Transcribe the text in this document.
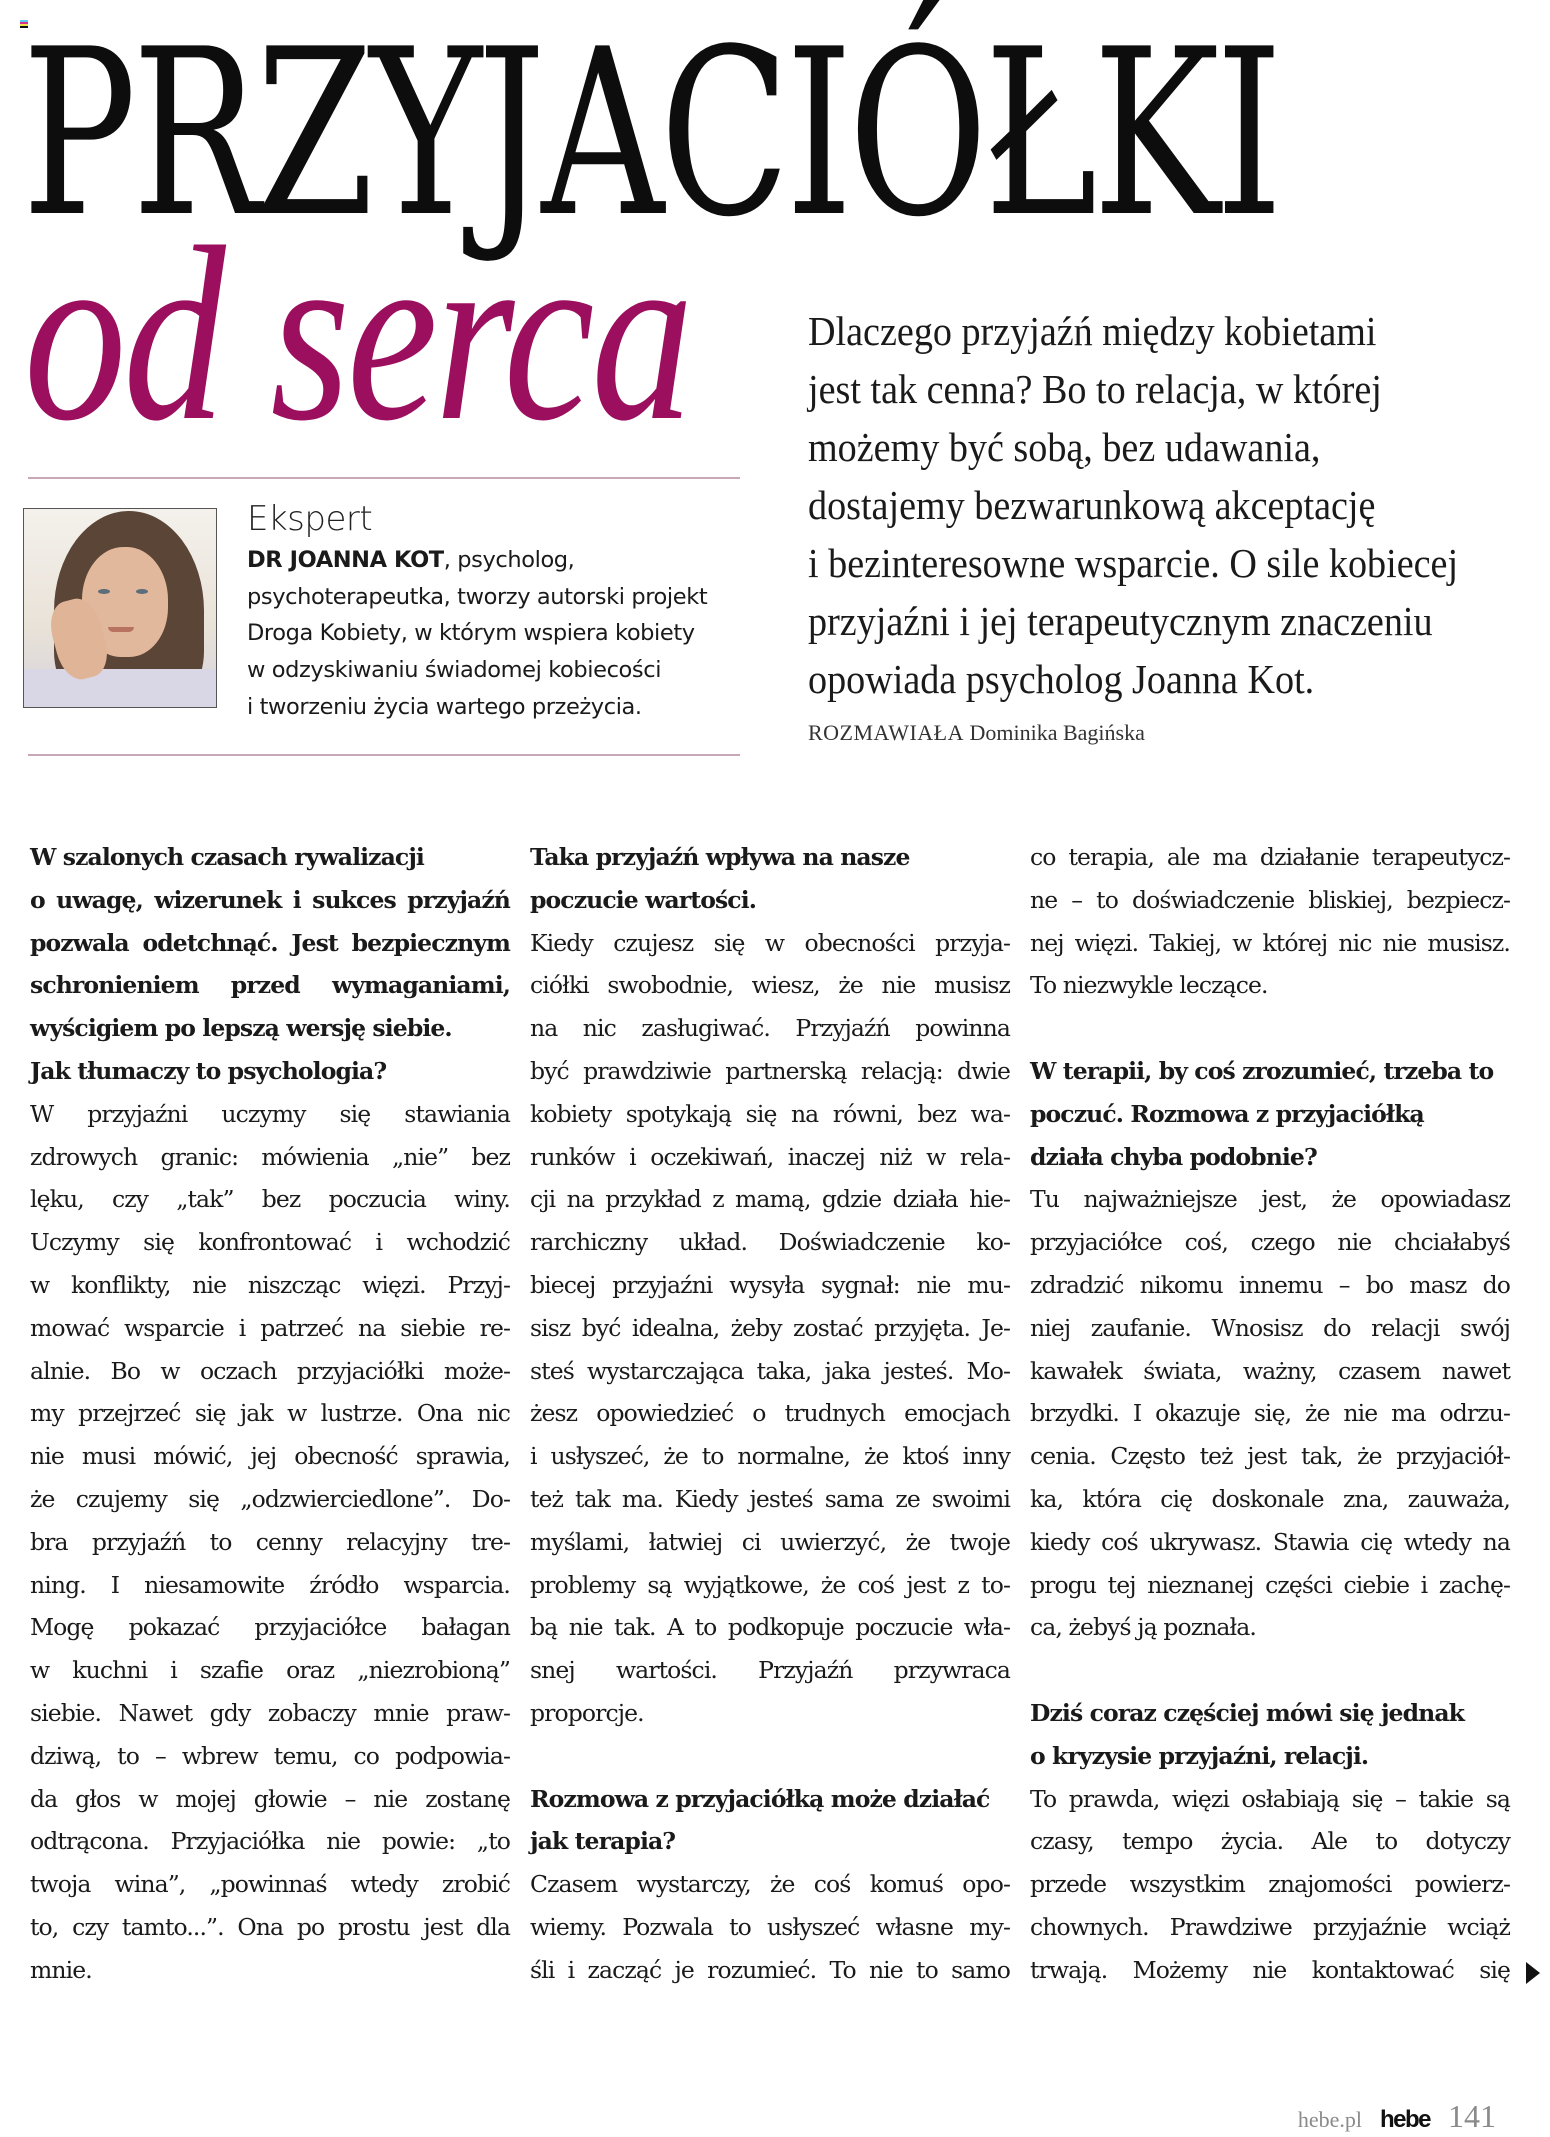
PRZYJACIÓŁKI
od serca
Ekspert
DR JOANNA KOT, psycholog,
psychoterapeutka, tworzy autorski projekt
Droga Kobiety, w którym wspiera kobiety
w odzyskiwaniu świadomej kobiecości
i tworzeniu życia wartego przeżycia.
Dlaczego przyjaźń między kobietami
jest tak cenna? Bo to relacja, w której
możemy być sobą, bez udawania,
dostajemy bezwarunkową akceptację
i bezinteresowne wsparcie. O sile kobiecej
przyjaźni i jej terapeutycznym znaczeniu
opowiada psycholog Joanna Kot.
ROZMAWIAŁA Dominika Bagińska
W szalonych czasach rywalizacji
o uwagę, wizerunek i sukces przyjaźń
pozwala odetchnąć. Jest bezpiecznym
schronieniem przed wymaganiami,
wyścigiem po lepszą wersję siebie.
Jak tłumaczy to psychologia?
W przyjaźni uczymy się stawiania
zdrowych granic: mówienia „nie” bez
lęku, czy „tak” bez poczucia winy.
Uczymy się konfrontować i wchodzić
w konflikty, nie niszcząc więzi. Przyj-
mować wsparcie i patrzeć na siebie re-
alnie. Bo w oczach przyjaciółki może-
my przejrzeć się jak w lustrze. Ona nic
nie musi mówić, jej obecność sprawia,
że czujemy się „odzwierciedlone”. Do-
bra przyjaźń to cenny relacyjny tre-
ning. I niesamowite źródło wsparcia.
Mogę pokazać przyjaciółce bałagan
w kuchni i szafie oraz „niezrobioną”
siebie. Nawet gdy zobaczy mnie praw-
dziwą, to – wbrew temu, co podpowia-
da głos w mojej głowie – nie zostanę
odtrącona. Przyjaciółka nie powie: „to
twoja wina”, „powinnaś wtedy zrobić
to, czy tamto...”. Ona po prostu jest dla
mnie.
Taka przyjaźń wpływa na nasze
poczucie wartości.
Kiedy czujesz się w obecności przyja-
ciółki swobodnie, wiesz, że nie musisz
na nic zasługiwać. Przyjaźń powinna
być prawdziwie partnerską relacją: dwie
kobiety spotykają się na równi, bez wa-
runków i oczekiwań, inaczej niż w rela-
cji na przykład z mamą, gdzie działa hie-
rarchiczny układ. Doświadczenie ko-
biecej przyjaźni wysyła sygnał: nie mu-
sisz być idealna, żeby zostać przyjęta. Je-
steś wystarczająca taka, jaka jesteś. Mo-
żesz opowiedzieć o trudnych emocjach
i usłyszeć, że to normalne, że ktoś inny
też tak ma. Kiedy jesteś sama ze swoimi
myślami, łatwiej ci uwierzyć, że twoje
problemy są wyjątkowe, że coś jest z to-
bą nie tak. A to podkopuje poczucie wła-
snej wartości. Przyjaźń przywraca
proporcje.
Rozmowa z przyjaciółką może działać
jak terapia?
Czasem wystarczy, że coś komuś opo-
wiemy. Pozwala to usłyszeć własne my-
śli i zacząć je rozumieć. To nie to samo
co terapia, ale ma działanie terapeutycz-
ne – to doświadczenie bliskiej, bezpiecz-
nej więzi. Takiej, w której nic nie musisz.
To niezwykle leczące.
W terapii, by coś zrozumieć, trzeba to
poczuć. Rozmowa z przyjaciółką
działa chyba podobnie?
Tu najważniejsze jest, że opowiadasz
przyjaciółce coś, czego nie chciałabyś
zdradzić nikomu innemu – bo masz do
niej zaufanie. Wnosisz do relacji swój
kawałek świata, ważny, czasem nawet
brzydki. I okazuje się, że nie ma odrzu-
cenia. Często też jest tak, że przyjaciół-
ka, która cię doskonale zna, zauważa,
kiedy coś ukrywasz. Stawia cię wtedy na
progu tej nieznanej części ciebie i zachę-
ca, żebyś ją poznała.
Dziś coraz częściej mówi się jednak
o kryzysie przyjaźni, relacji.
To prawda, więzi osłabiają się – takie są
czasy, tempo życia. Ale to dotyczy
przede wszystkim znajomości powierz-
chownych. Prawdziwe przyjaźnie wciąż
trwają. Możemy nie kontaktować się
hebe.pl hebe 141
